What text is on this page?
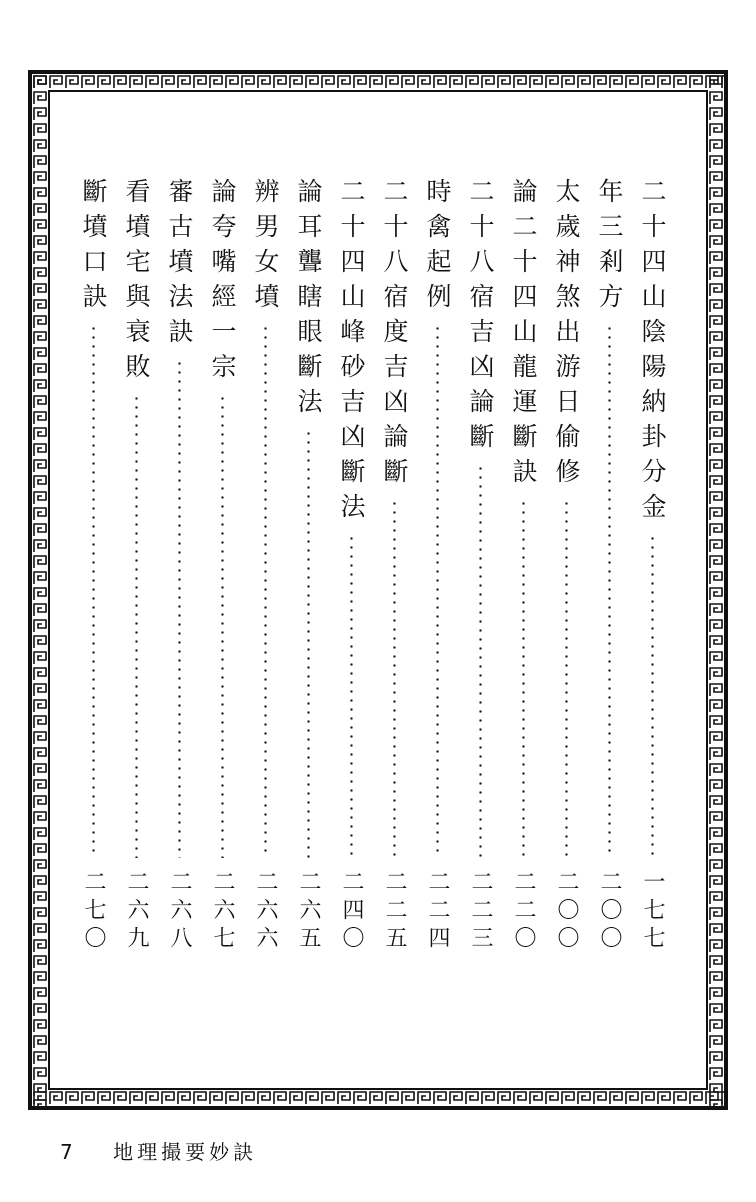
二十四山陰陽納卦分金
一七七
年三剎方
二〇〇
太歲神煞出游日偷修
二〇〇
論二十四山龍運斷訣
二二〇
二十八宿吉凶論斷
二二三
時禽起例
二二四
二十八宿度吉凶論斷
二二五
二十四山峰砂吉凶斷法
二四〇
論耳聾瞎眼斷法
二六五
辨男女墳
二六六
論夸嘴經一宗
二六七
審古墳法訣
二六八
看墳宅與衰敗
二六九
斷墳口訣
二七〇
7 地理撮要妙訣
